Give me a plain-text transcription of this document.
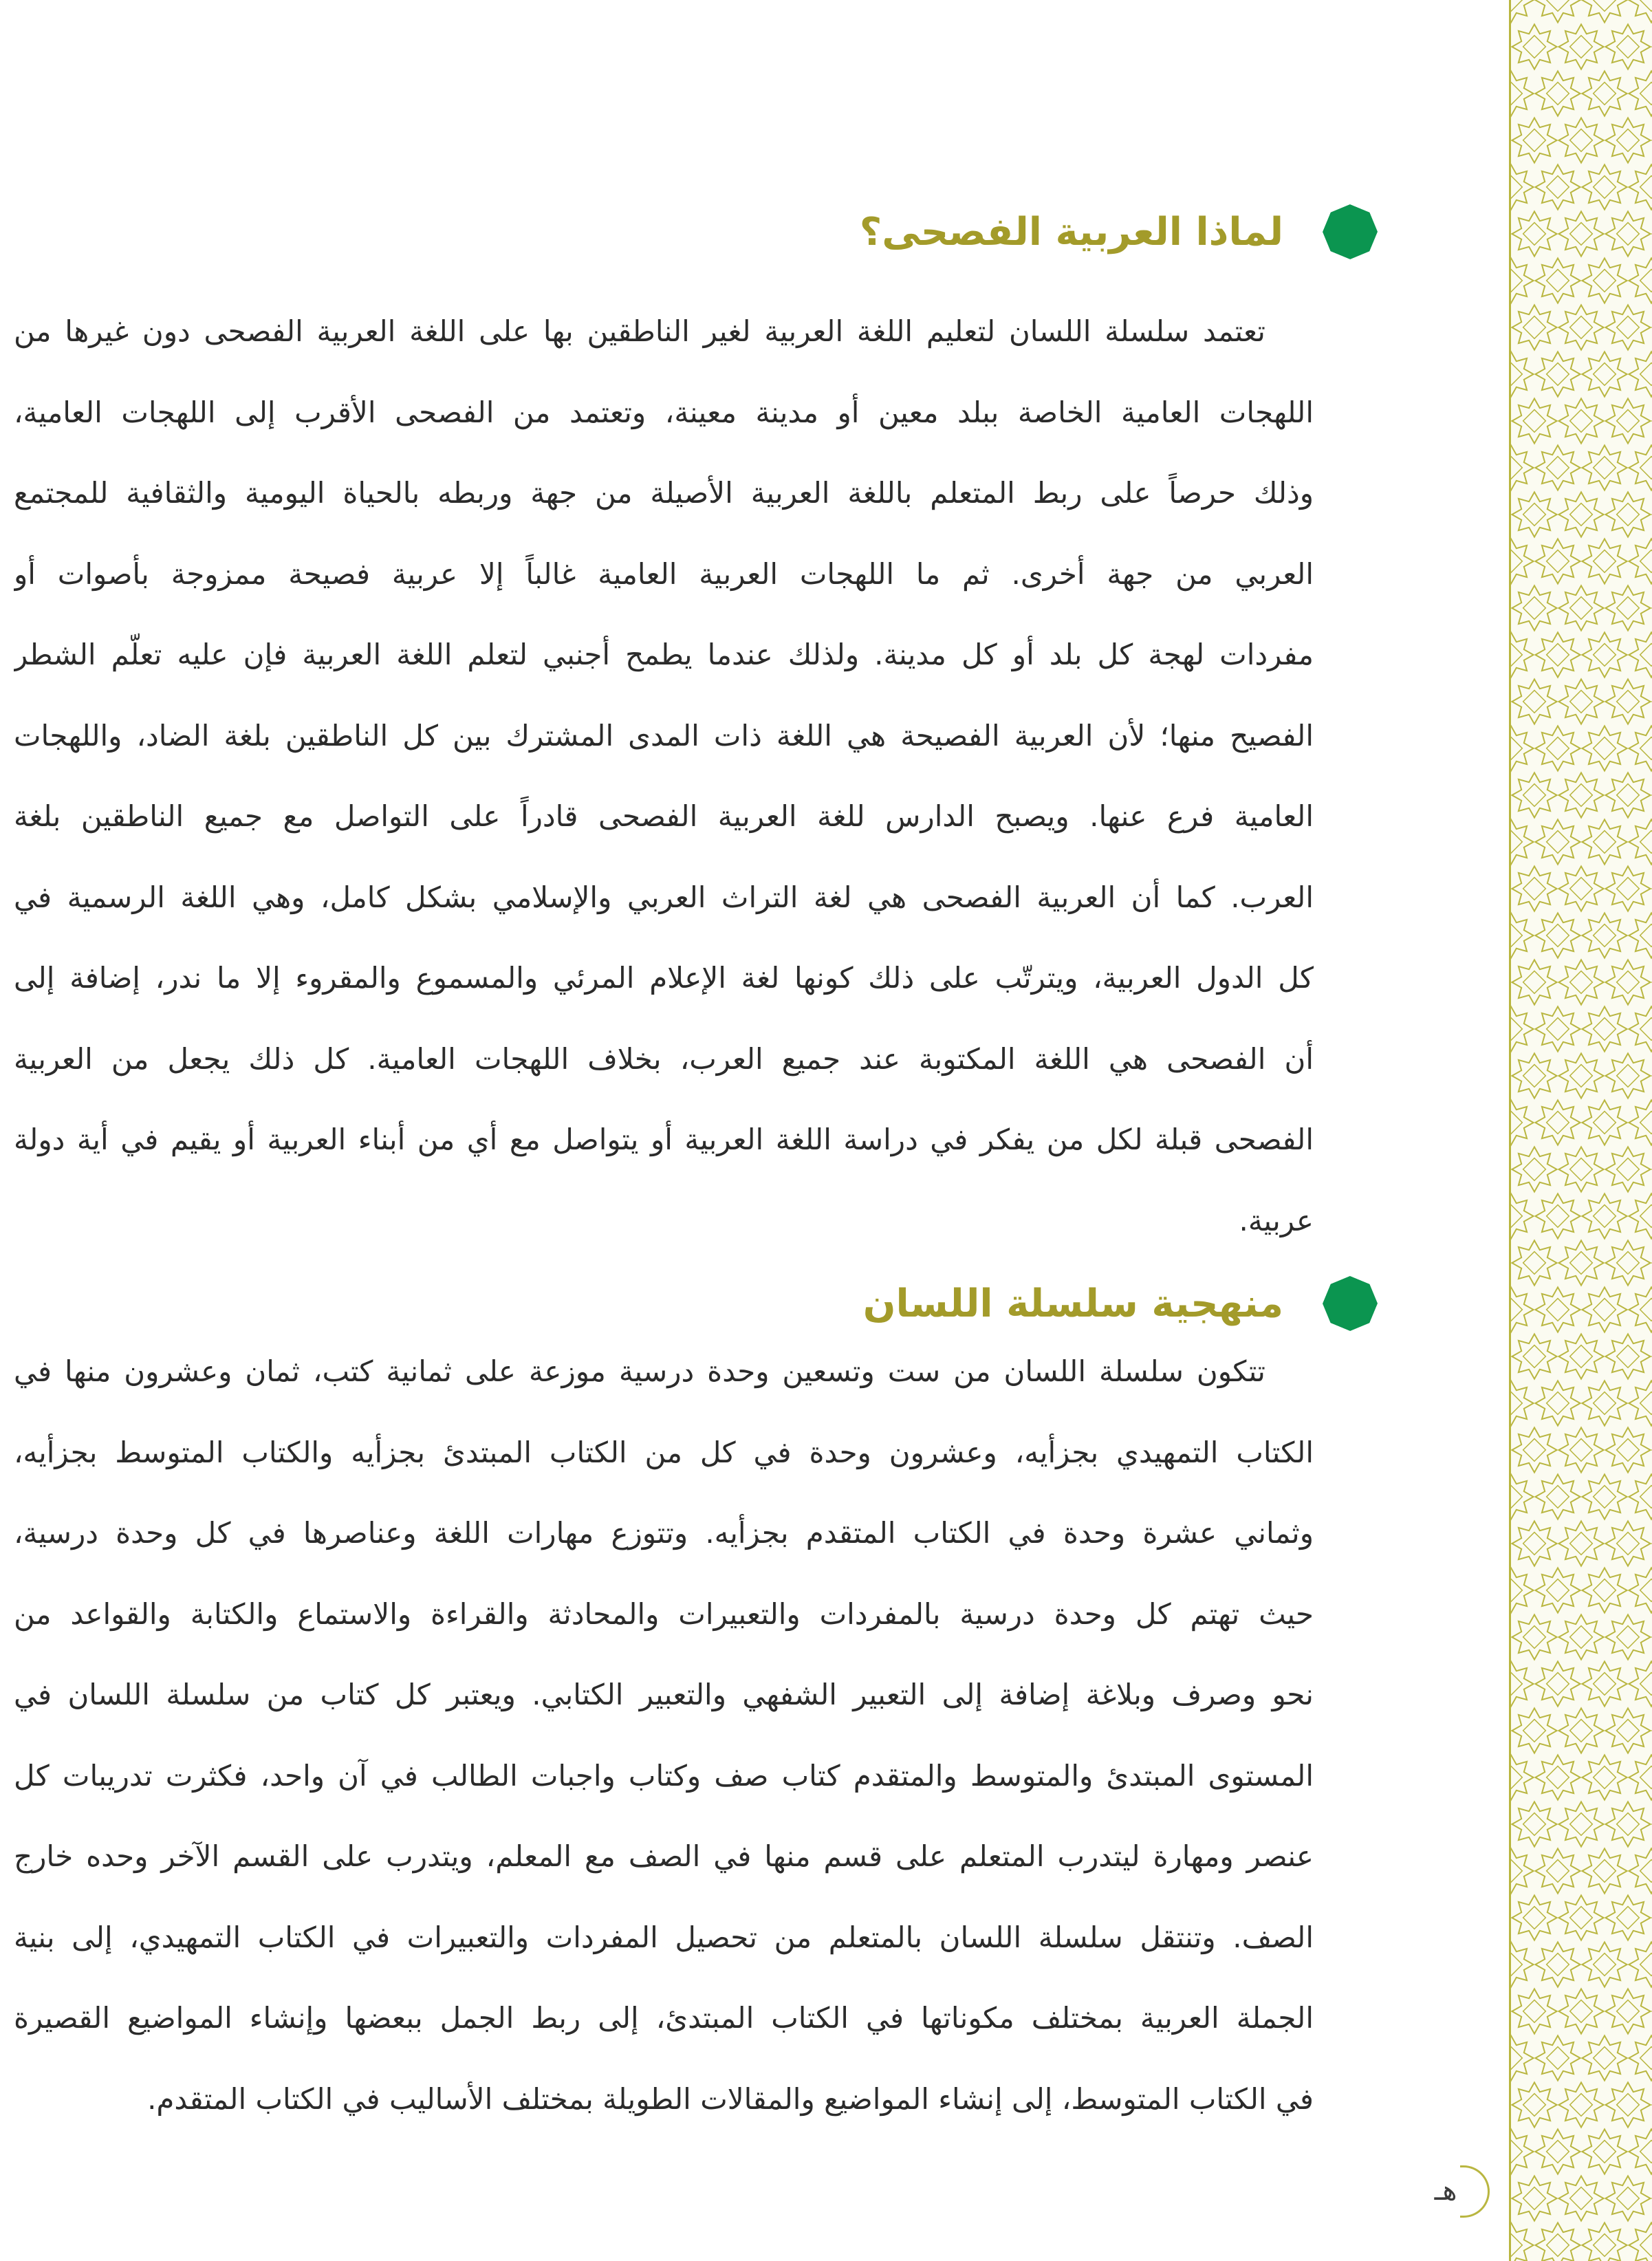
لماذا العربية الفصحى؟
تعتمد سلسلة اللسان لتعليم اللغة العربية لغير الناطقين بها على اللغة العربية الفصحى دون غيرها من
اللهجات العامية الخاصة ببلد معين أو مدينة معينة، وتعتمد من الفصحى الأقرب إلى اللهجات العامية،
وذلك حرصاً على ربط المتعلم باللغة العربية الأصيلة من جهة وربطه بالحياة اليومية والثقافية للمجتمع
العربي من جهة أخرى. ثم ما اللهجات العربية العامية غالباً إلا عربية فصيحة ممزوجة بأصوات أو
مفردات لهجة كل بلد أو كل مدينة. ولذلك عندما يطمح أجنبي لتعلم اللغة العربية فإن عليه تعلّم الشطر
الفصيح منها؛ لأن العربية الفصيحة هي اللغة ذات المدى المشترك بين كل الناطقين بلغة الضاد، واللهجات
العامية فرع عنها. ويصبح الدارس للغة العربية الفصحى قادراً على التواصل مع جميع الناطقين بلغة
العرب. كما أن العربية الفصحى هي لغة التراث العربي والإسلامي بشكل كامل، وهي اللغة الرسمية في
كل الدول العربية، ويترتّب على ذلك كونها لغة الإعلام المرئي والمسموع والمقروء إلا ما ندر، إضافة إلى
أن الفصحى هي اللغة المكتوبة عند جميع العرب، بخلاف اللهجات العامية. كل ذلك يجعل من العربية
الفصحى قبلة لكل من يفكر في دراسة اللغة العربية أو يتواصل مع أي من أبناء العربية أو يقيم في أية دولة
عربية.
منهجية سلسلة اللسان
تتكون سلسلة اللسان من ست وتسعين وحدة درسية موزعة على ثمانية كتب، ثمان وعشرون منها في
الكتاب التمهيدي بجزأيه، وعشرون وحدة في كل من الكتاب المبتدئ بجزأيه والكتاب المتوسط بجزأيه،
وثماني عشرة وحدة في الكتاب المتقدم بجزأيه. وتتوزع مهارات اللغة وعناصرها في كل وحدة درسية،
حيث تهتم كل وحدة درسية بالمفردات والتعبيرات والمحادثة والقراءة والاستماع والكتابة والقواعد من
نحو وصرف وبلاغة إضافة إلى التعبير الشفهي والتعبير الكتابي. ويعتبر كل كتاب من سلسلة اللسان في
المستوى المبتدئ والمتوسط والمتقدم كتاب صف وكتاب واجبات الطالب في آن واحد، فكثرت تدريبات كل
عنصر ومهارة ليتدرب المتعلم على قسم منها في الصف مع المعلم، ويتدرب على القسم الآخر وحده خارج
الصف. وتنتقل سلسلة اللسان بالمتعلم من تحصيل المفردات والتعبيرات في الكتاب التمهيدي، إلى بنية
الجملة العربية بمختلف مكوناتها في الكتاب المبتدئ، إلى ربط الجمل ببعضها وإنشاء المواضيع القصيرة
في الكتاب المتوسط، إلى إنشاء المواضيع والمقالات الطويلة بمختلف الأساليب في الكتاب المتقدم.
هـ
